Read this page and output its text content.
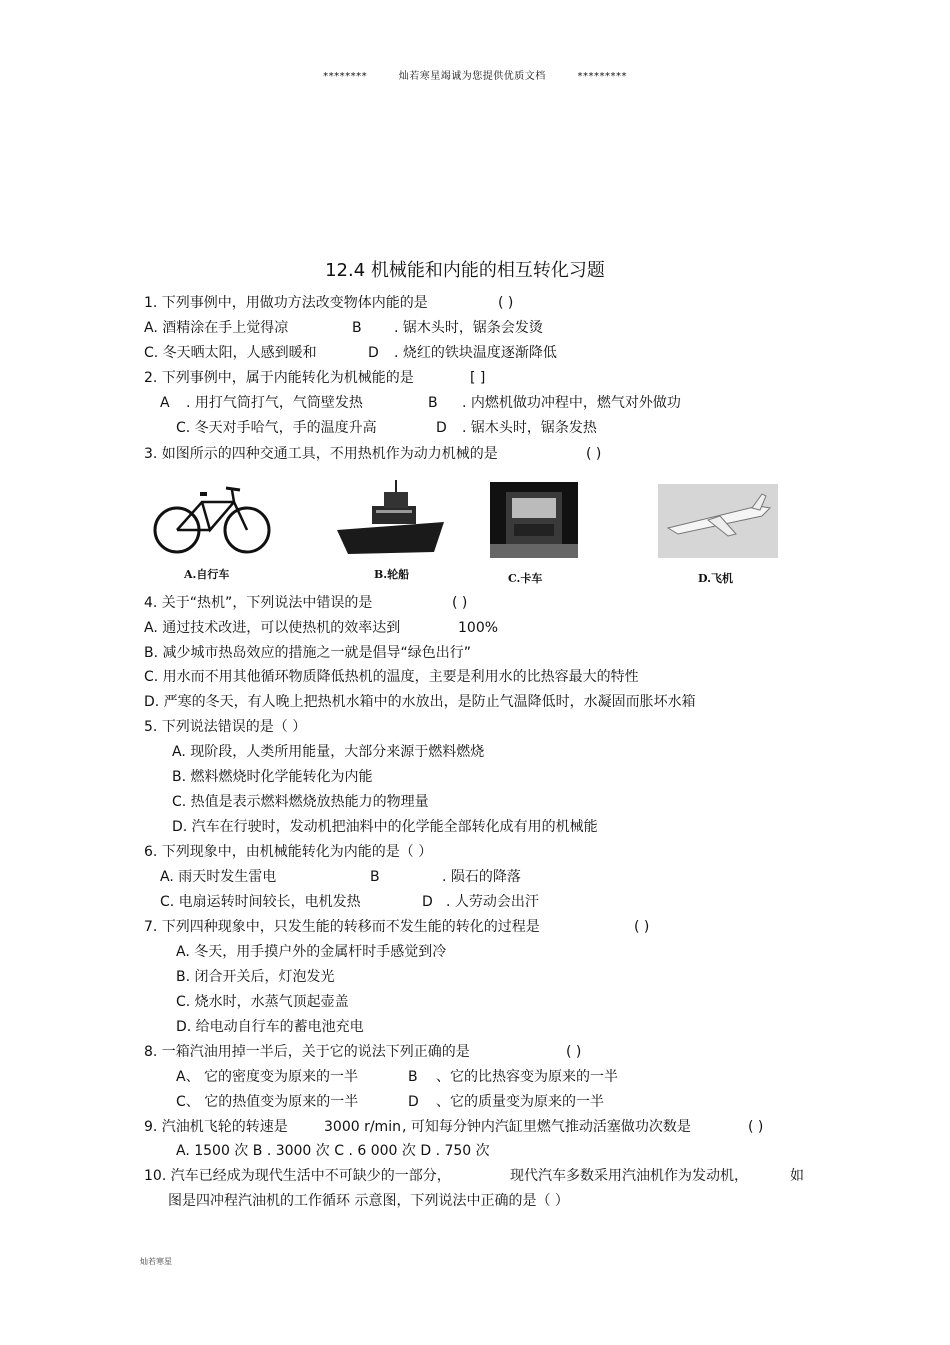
********	灿若寒星竭诚为您提供优质文档	*********
12.4 机械能和内能的相互转化习题
1. 下列事例中，用做功方法改变物体内能的是	( )
A. 酒精涂在手上觉得凉	B . 锯木头时，锯条会发烫
C. 冬天晒太阳，人感到暖和	D . 烧红的铁块温度逐渐降低
2. 下列事例中，属于内能转化为机械能的是	[ ]
A . 用打气筒打气，气筒壁发热	B . 内燃机做功冲程中，燃气对外做功
C. 冬天对手哈气，手的温度升高	D . 锯木头时，锯条发热
3. 如图所示的四种交通工具，不用热机作为动力机械的是	( )
A.自行车	B.轮船	C.卡车	D.飞机
4. 关于“热机”，下列说法中错误的是	( )
A. 通过技术改进，可以使热机的效率达到	100%
B. 减少城市热岛效应的措施之一就是倡导“绿色出行”
C. 用水而不用其他循环物质降低热机的温度，主要是利用水的比热容最大的特性
D. 严寒的冬天，有人晚上把热机水箱中的水放出，是防止气温降低时，水凝固而胀坏水箱
5. 下列说法错误的是（ ）
A. 现阶段，人类所用能量，大部分来源于燃料燃烧
B. 燃料燃烧时化学能转化为内能
C. 热值是表示燃料燃烧放热能力的物理量
D. 汽车在行驶时，发动机把油料中的化学能全部转化成有用的机械能
6. 下列现象中，由机械能转化为内能的是（ ）
A. 雨天时发生雷电	B	. 陨石的降落
C. 电扇运转时间较长，电机发热	D . 人劳动会出汗
7. 下列四种现象中，只发生能的转移而不发生能的转化的过程是	( )
A. 冬天，用手摸户外的金属杆时手感觉到冷
B. 闭合开关后，灯泡发光
C. 烧水时，水蒸气顶起壶盖
D. 给电动自行车的蓄电池充电
8. 一箱汽油用掉一半后，关于它的说法下列正确的是	( )
A、 它的密度变为原来的一半	B 、它的比热容变为原来的一半
C、 它的热值变为原来的一半	D 、它的质量变为原来的一半
9. 汽油机飞轮的转速是	3000 r/min , 可知每分钟内汽缸里燃气推动活塞做功次数是	( )
A. 1500 次 B . 3000 次 C . 6 000 次 D . 750 次
10. 汽车已经成为现代生活中不可缺少的一部分，	现代汽车多数采用汽油机作为发动机，	如
图是四冲程汽油机的工作循环 示意图，下列说法中正确的是（ ）
灿若寒星
